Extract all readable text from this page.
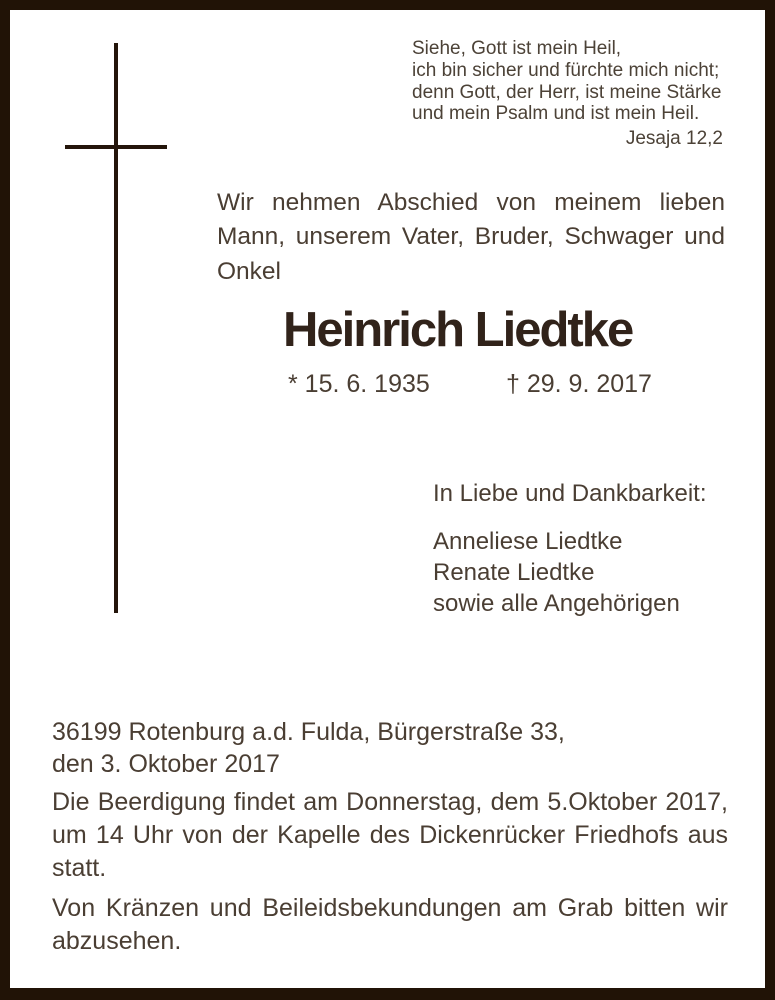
Siehe, Gott ist mein Heil,
ich bin sicher und fürchte mich nicht;
denn Gott, der Herr, ist meine Stärke
und mein Psalm und ist mein Heil.
Jesaja 12,2
Wir nehmen Abschied von meinem lieben
Mann, unserem Vater, Bruder, Schwager und
Onkel
Heinrich Liedtke
* 15. 6. 1935	† 29. 9. 2017
In Liebe und Dankbarkeit:
Anneliese Liedtke
Renate Liedtke
sowie alle Angehörigen
36199 Rotenburg a.d. Fulda, Bürgerstraße 33,
den 3. Oktober 2017
Die Beerdigung findet am Donnerstag, dem 5.Oktober 2017,
um 14 Uhr von der Kapelle des Dickenrücker Friedhofs aus
statt.
Von Kränzen und Beileidsbekundungen am Grab bitten wir
abzusehen.
